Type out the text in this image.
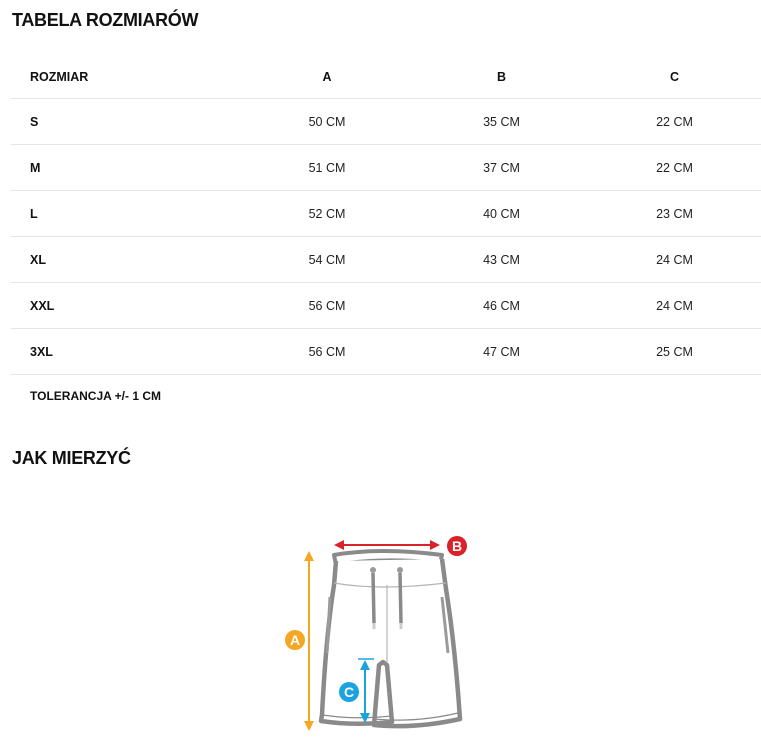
TABELA ROZMIARÓW
ROZMIAR	A	B	C
S	50 CM	35 CM	22 CM
M	51 CM	37 CM	22 CM
L	52 CM	40 CM	23 CM
XL	54 CM	43 CM	24 CM
XXL	56 CM	46 CM	24 CM
3XL	56 CM	47 CM	25 CM
TOLERANCJA +/- 1 CM			
JAK MIERZYĆ
A
B
C
